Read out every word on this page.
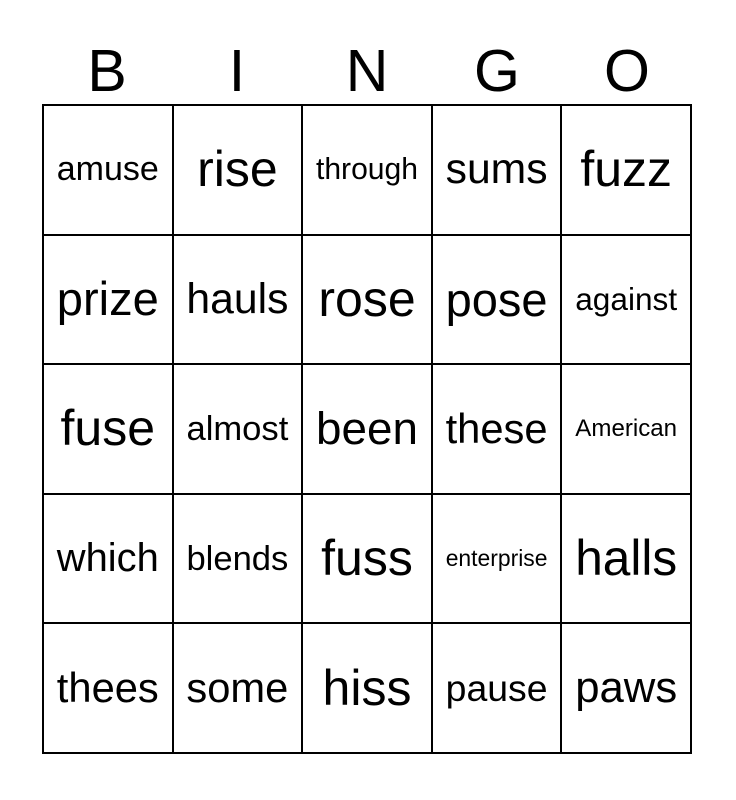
B	I	N	G	O
amuse rise through sums fuzz
prize hauls rose pose against
fuse almost been these American
which blends fuss enterprise halls
thees some hiss pause paws
